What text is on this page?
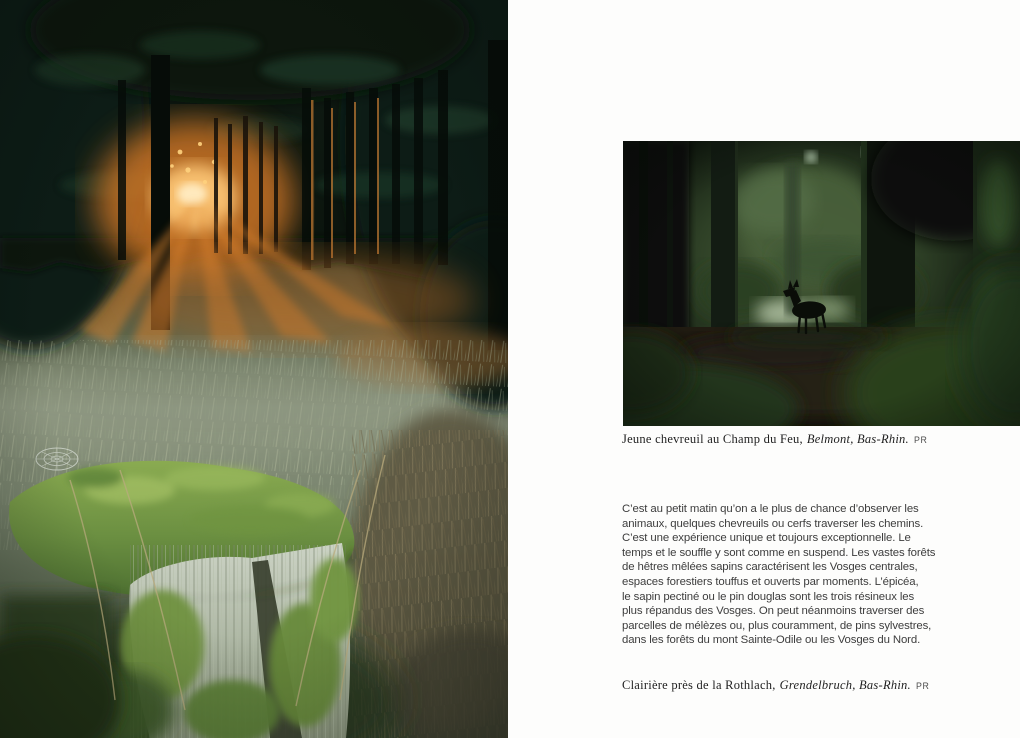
Jeune chevreuil au Champ du Feu, Belmont, Bas-Rhin. PR
C’est au petit matin qu’on a le plus de chance d’observer les
animaux, quelques chevreuils ou cerfs traverser les chemins.
C’est une expérience unique et toujours exceptionnelle. Le
temps et le souffle y sont comme en suspend. Les vastes forêts
de hêtres mêlées sapins caractérisent les Vosges centrales,
espaces forestiers touffus et ouverts par moments. L’épicéa,
le sapin pectiné ou le pin douglas sont les trois résineux les
plus répandus des Vosges. On peut néanmoins traverser des
parcelles de mélèzes ou, plus couramment, de pins sylvestres,
dans les forêts du mont Sainte-Odile ou les Vosges du Nord.
Clairière près de la Rothlach, Grendelbruch, Bas-Rhin. PR
